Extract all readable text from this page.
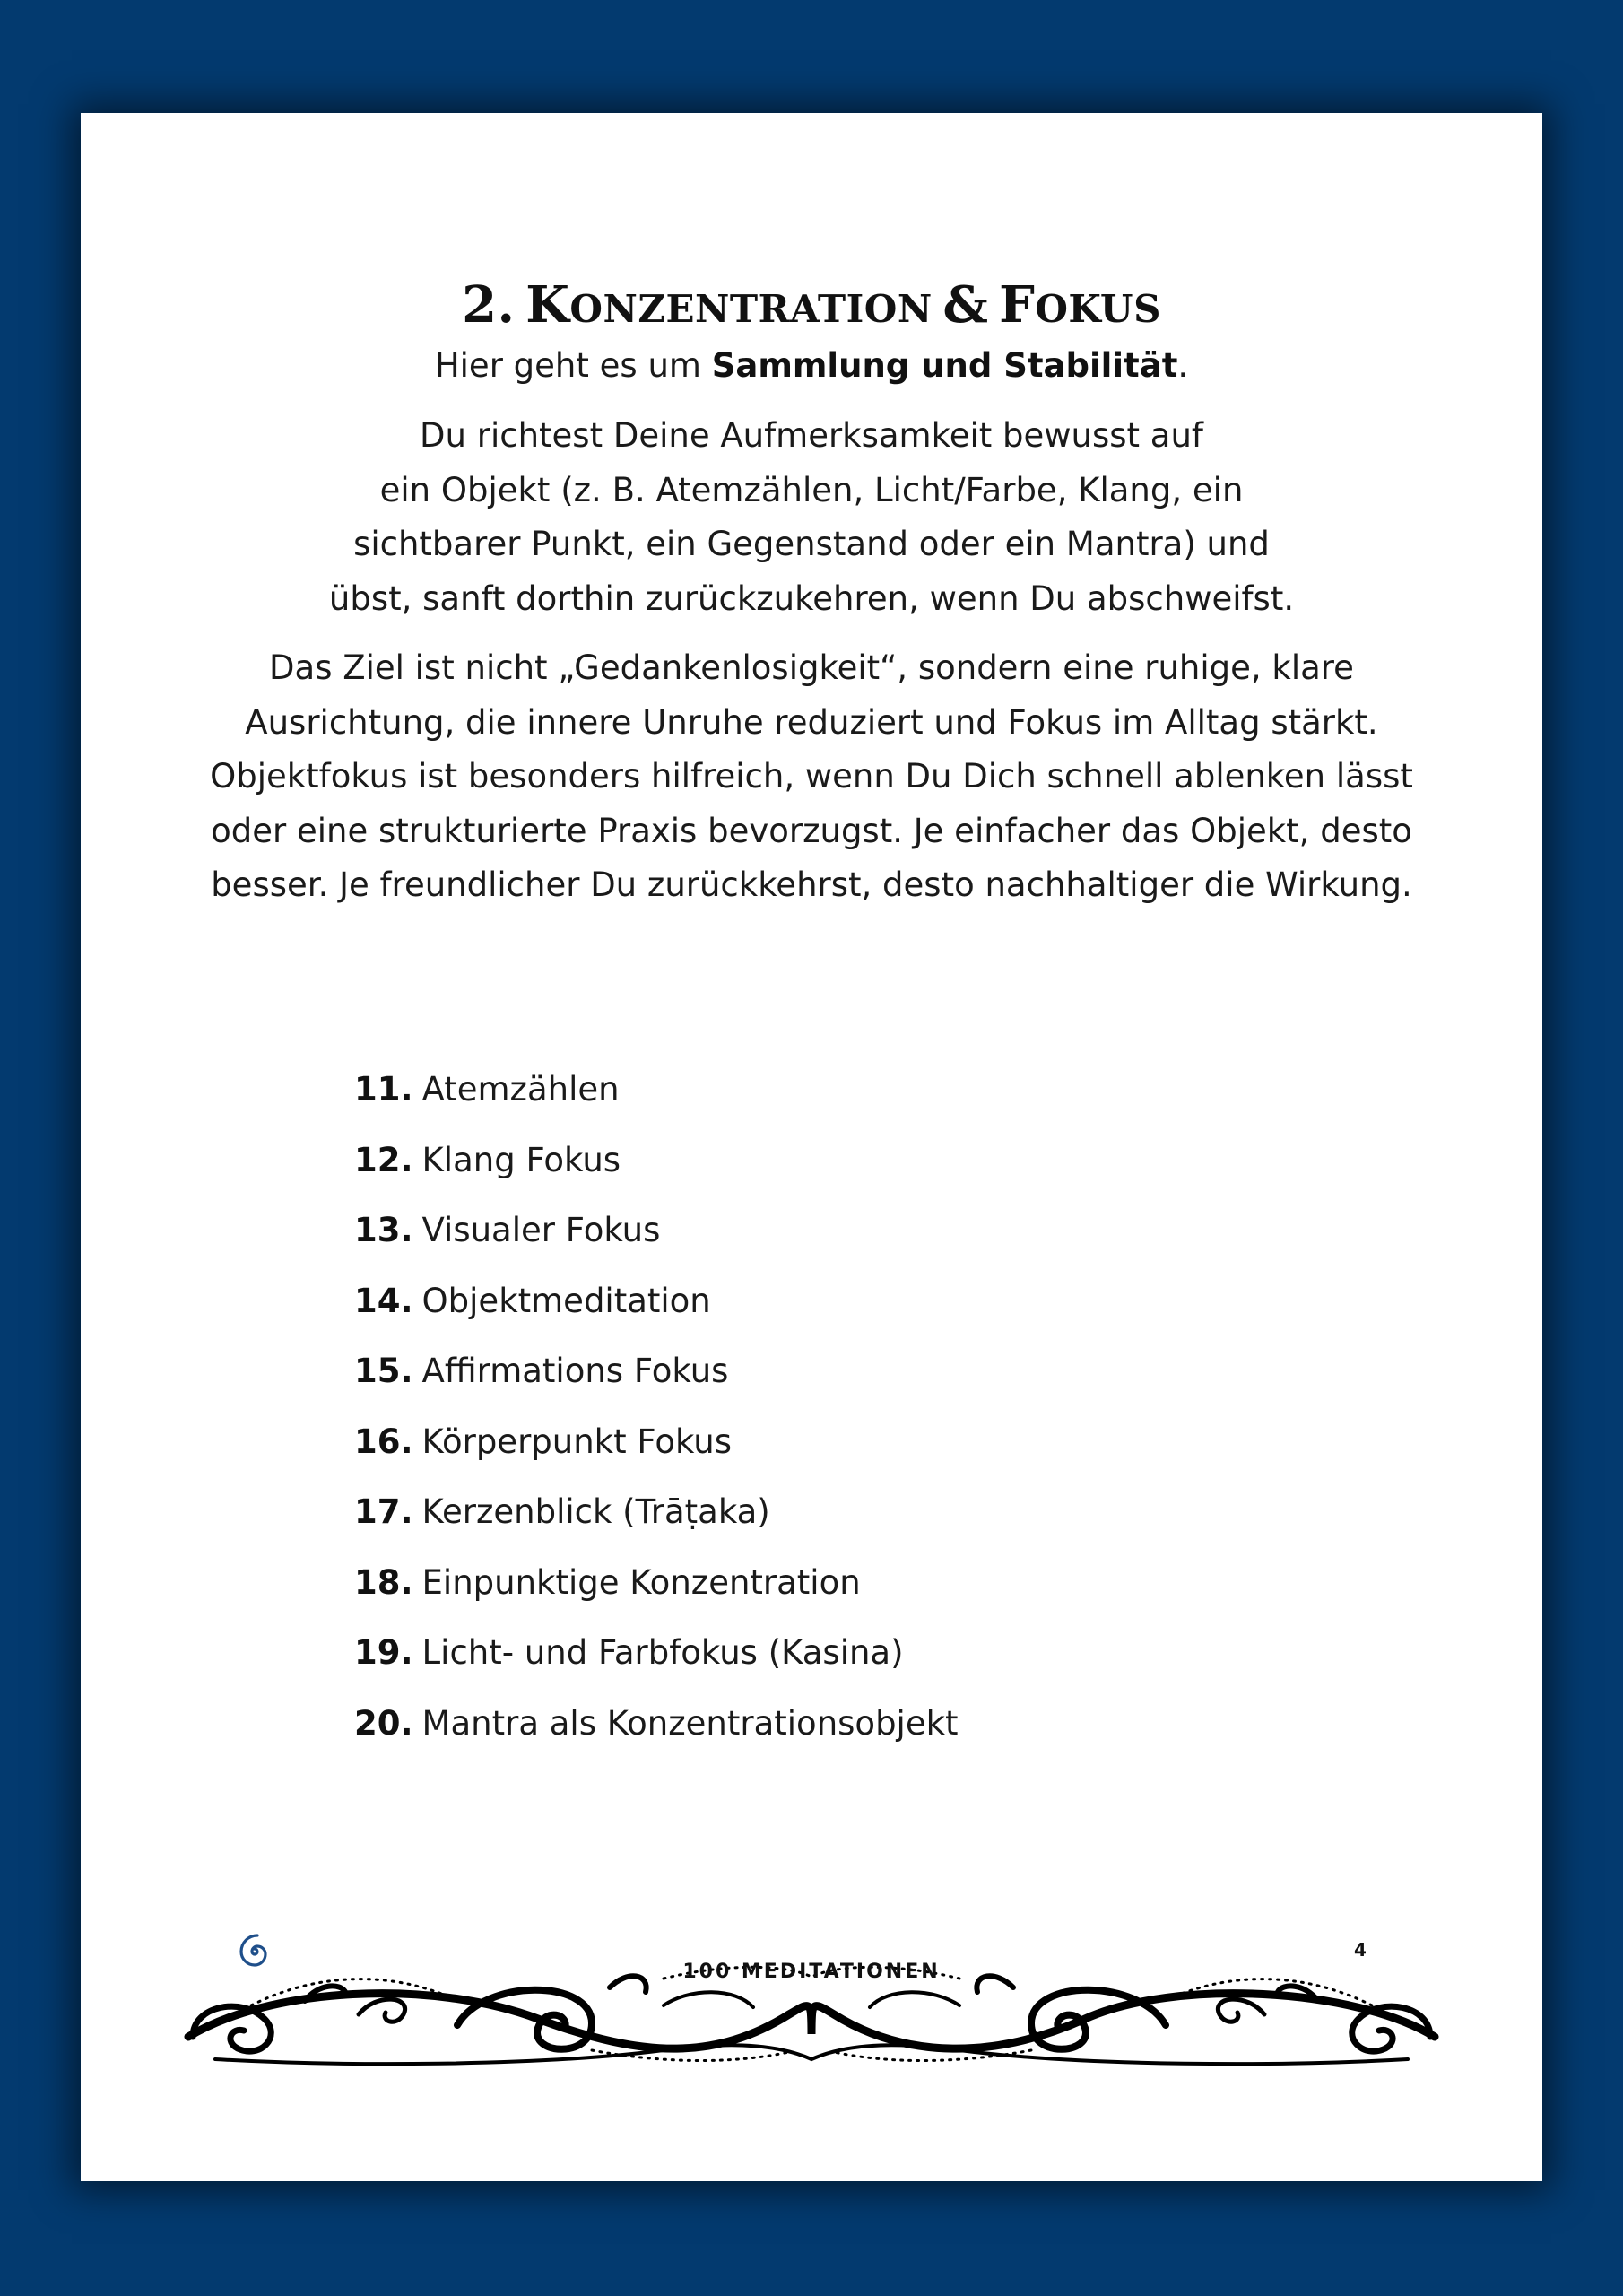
2. KONZENTRATION & FOKUS
Hier geht es um Sammlung und Stabilität.
Du richtest Deine Aufmerksamkeit bewusst auf
ein Objekt (z. B. Atemzählen, Licht/Farbe, Klang, ein
sichtbarer Punkt, ein Gegenstand oder ein Mantra) und
übst, sanft dorthin zurückzukehren, wenn Du abschweifst.
Das Ziel ist nicht „Gedankenlosigkeit“, sondern eine ruhige, klare
Ausrichtung, die innere Unruhe reduziert und Fokus im Alltag stärkt.
Objektfokus ist besonders hilfreich, wenn Du Dich schnell ablenken lässt
oder eine strukturierte Praxis bevorzugst. Je einfacher das Objekt, desto
besser. Je freundlicher Du zurückkehrst, desto nachhaltiger die Wirkung.
11. Atemzählen
12. Klang Fokus
13. Visualer Fokus
14. Objektmeditation
15. Affirmations Fokus
16. Körperpunkt Fokus
17. Kerzenblick (Trāṭaka)
18. Einpunktige Konzentration
19. Licht- und Farbfokus (Kasina)
20. Mantra als Konzentrationsobjekt
100 MEDITATIONEN
4
